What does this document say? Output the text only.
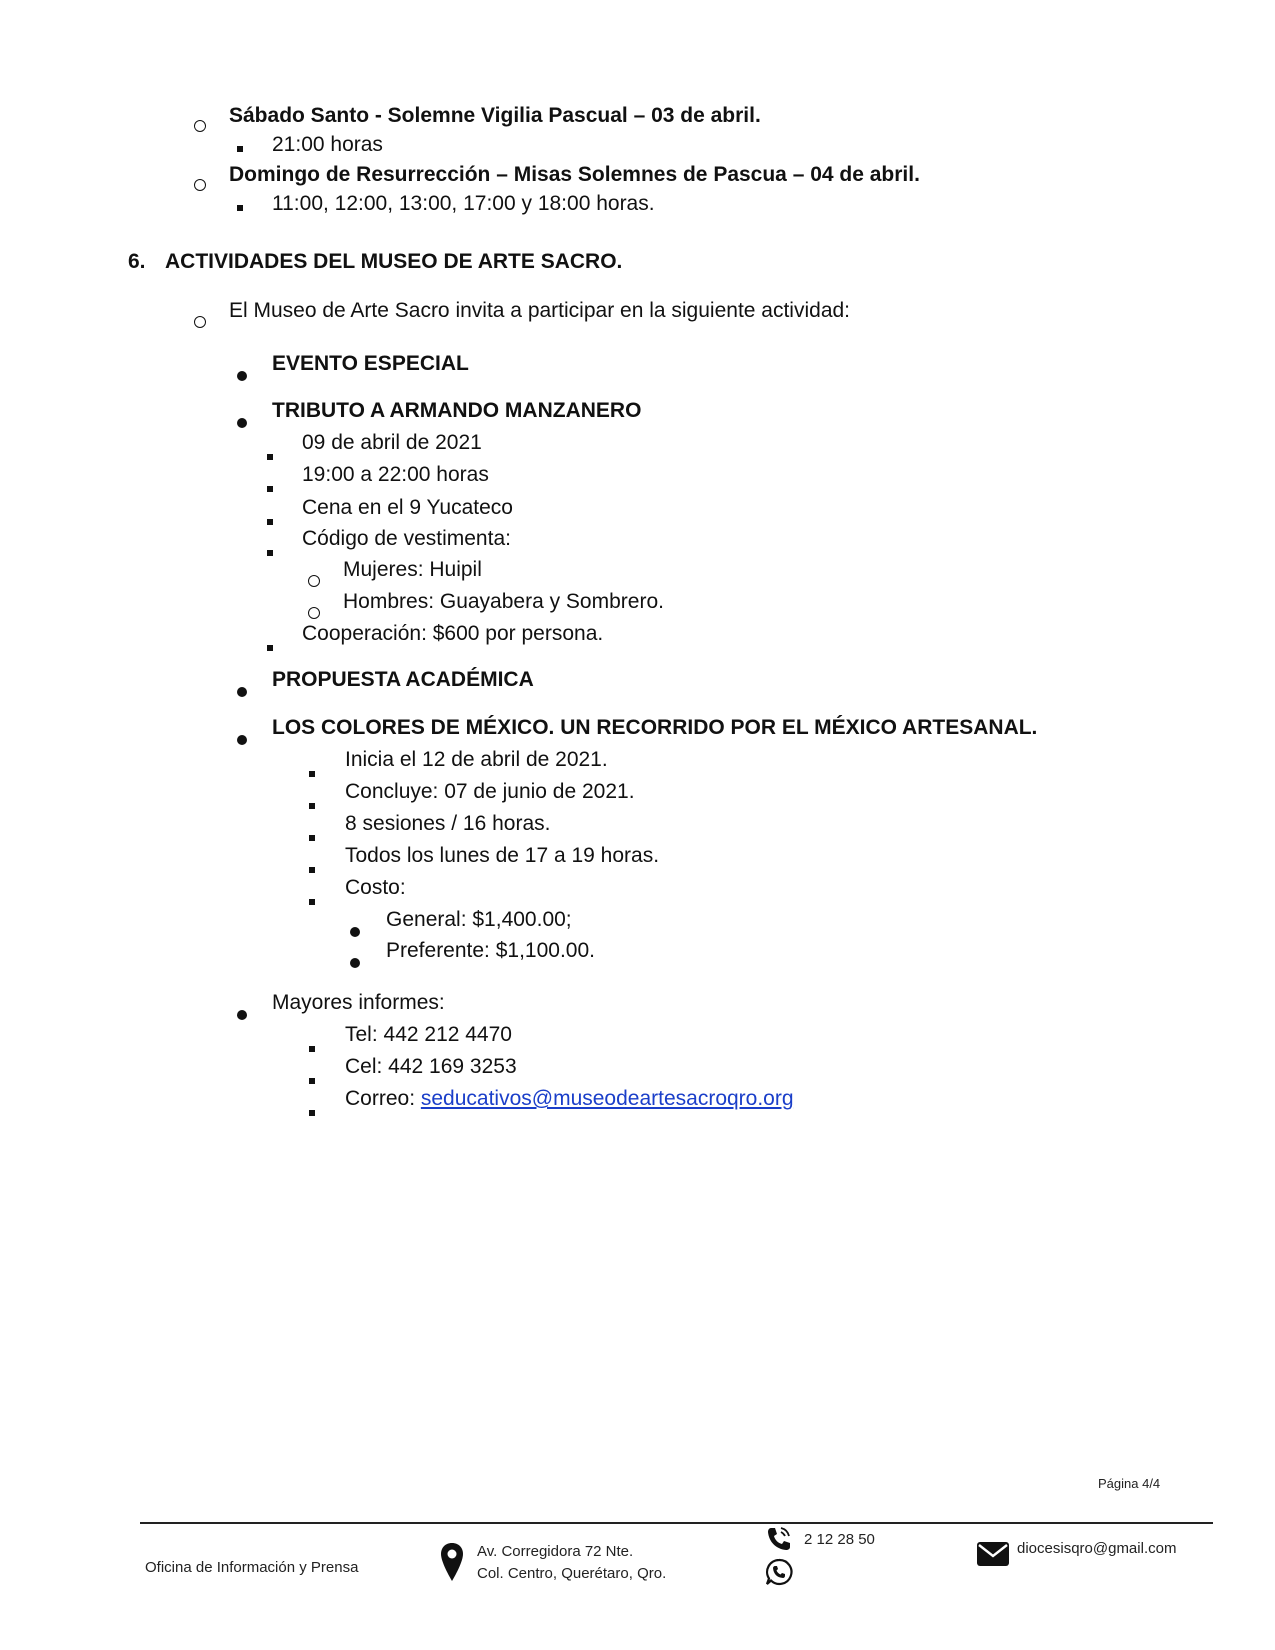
Sábado Santo - Solemne Vigilia Pascual – 03 de abril.
21:00 horas
Domingo de Resurrección – Misas Solemnes de Pascua – 04 de abril.
11:00, 12:00, 13:00, 17:00 y 18:00 horas.
6. ACTIVIDADES DEL MUSEO DE ARTE SACRO.
El Museo de Arte Sacro invita a participar en la siguiente actividad:
EVENTO ESPECIAL
TRIBUTO A ARMANDO MANZANERO
09 de abril de 2021
19:00 a 22:00 horas
Cena en el 9 Yucateco
Código de vestimenta:
Mujeres: Huipil
Hombres: Guayabera y Sombrero.
Cooperación: $600 por persona.
PROPUESTA ACADÉMICA
LOS COLORES DE MÉXICO. UN RECORRIDO POR EL MÉXICO ARTESANAL.
Inicia el 12 de abril de 2021.
Concluye: 07 de junio de 2021.
8 sesiones / 16 horas.
Todos los lunes de 17 a 19 horas.
Costo:
General: $1,400.00;
Preferente: $1,100.00.
Mayores informes:
Tel: 442 212 4470
Cel: 442 169 3253
Correo: seducativos@museodeartesacroqro.org
Página 4/4
Oficina de Información y Prensa
Av. Corregidora 72 Nte.
Col. Centro, Querétaro, Qro.
2 12 28 50
diocesisqro@gmail.com
